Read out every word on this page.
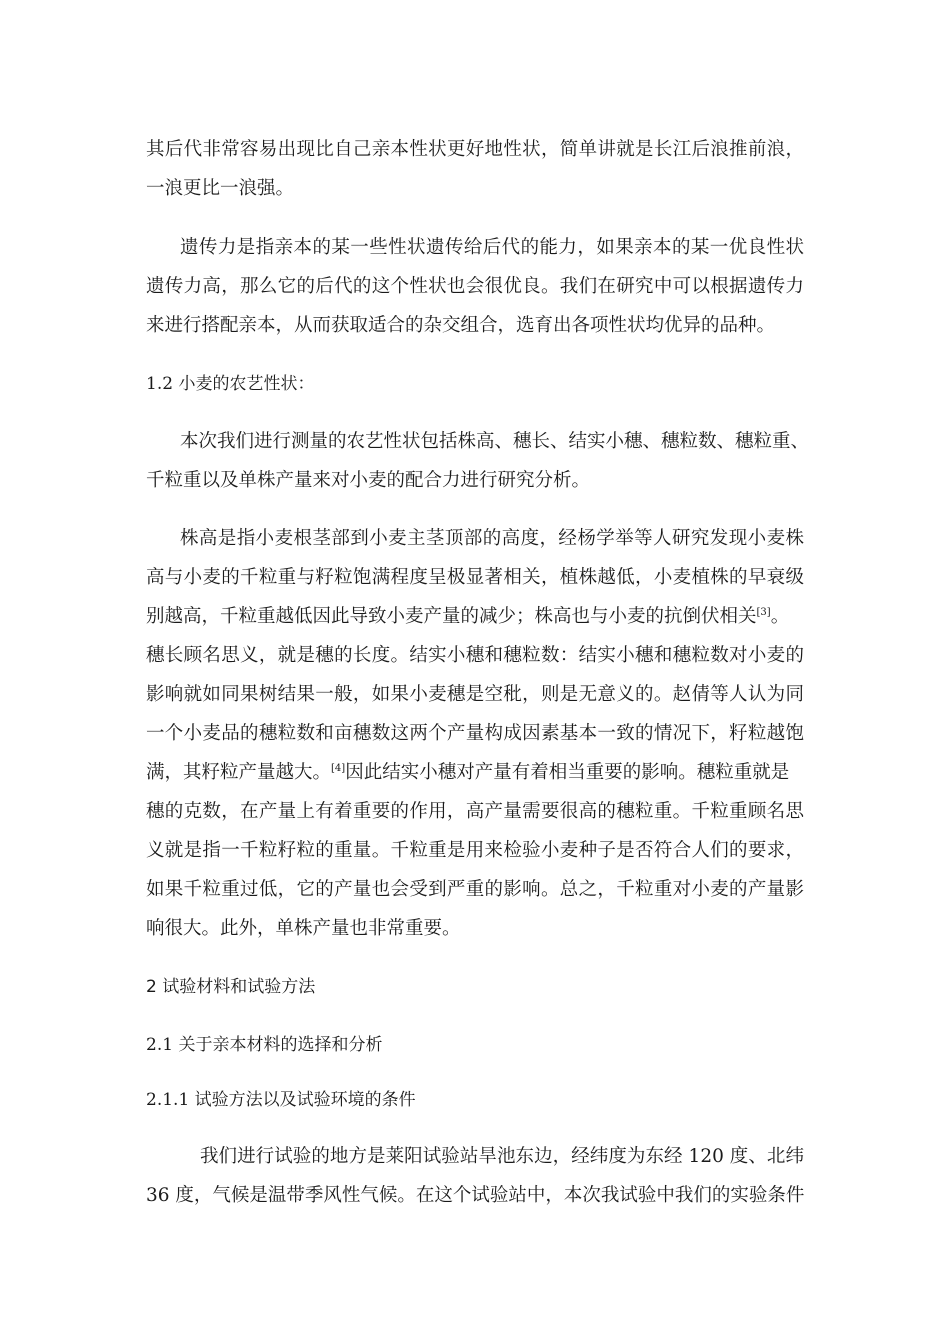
其后代非常容易出现比自己亲本性状更好地性状，简单讲就是长江后浪推前浪，
一浪更比一浪强。
遗传力是指亲本的某一些性状遗传给后代的能力，如果亲本的某一优良性状
遗传力高，那么它的后代的这个性状也会很优良。我们在研究中可以根据遗传力
来进行搭配亲本，从而获取适合的杂交组合，选育出各项性状均优异的品种。
1.2 小麦的农艺性状：
本次我们进行测量的农艺性状包括株高、穗长、结实小穗、穗粒数、穗粒重、
千粒重以及单株产量来对小麦的配合力进行研究分析。
株高是指小麦根茎部到小麦主茎顶部的高度，经杨学举等人研究发现小麦株
高与小麦的千粒重与籽粒饱满程度呈极显著相关，植株越低，小麦植株的早衰级
别越高，千粒重越低因此导致小麦产量的减少；株高也与小麦的抗倒伏相关[3]。
穗长顾名思义，就是穗的长度。结实小穗和穗粒数：结实小穗和穗粒数对小麦的
影响就如同果树结果一般，如果小麦穗是空秕，则是无意义的。赵倩等人认为同
一个小麦品的穗粒数和亩穗数这两个产量构成因素基本一致的情况下，籽粒越饱
满，其籽粒产量越大。[4]因此结实小穗对产量有着相当重要的影响。穗粒重就是
穗的克数，在产量上有着重要的作用，高产量需要很高的穗粒重。千粒重顾名思
义就是指一千粒籽粒的重量。千粒重是用来检验小麦种子是否符合人们的要求，
如果千粒重过低，它的产量也会受到严重的影响。总之，千粒重对小麦的产量影
响很大。此外，单株产量也非常重要。
2 试验材料和试验方法
2.1 关于亲本材料的选择和分析
2.1.1 试验方法以及试验环境的条件
我们进行试验的地方是莱阳试验站旱池东边，经纬度为东经 120 度、北纬
36 度，气候是温带季风性气候。在这个试验站中，本次我试验中我们的实验条件
